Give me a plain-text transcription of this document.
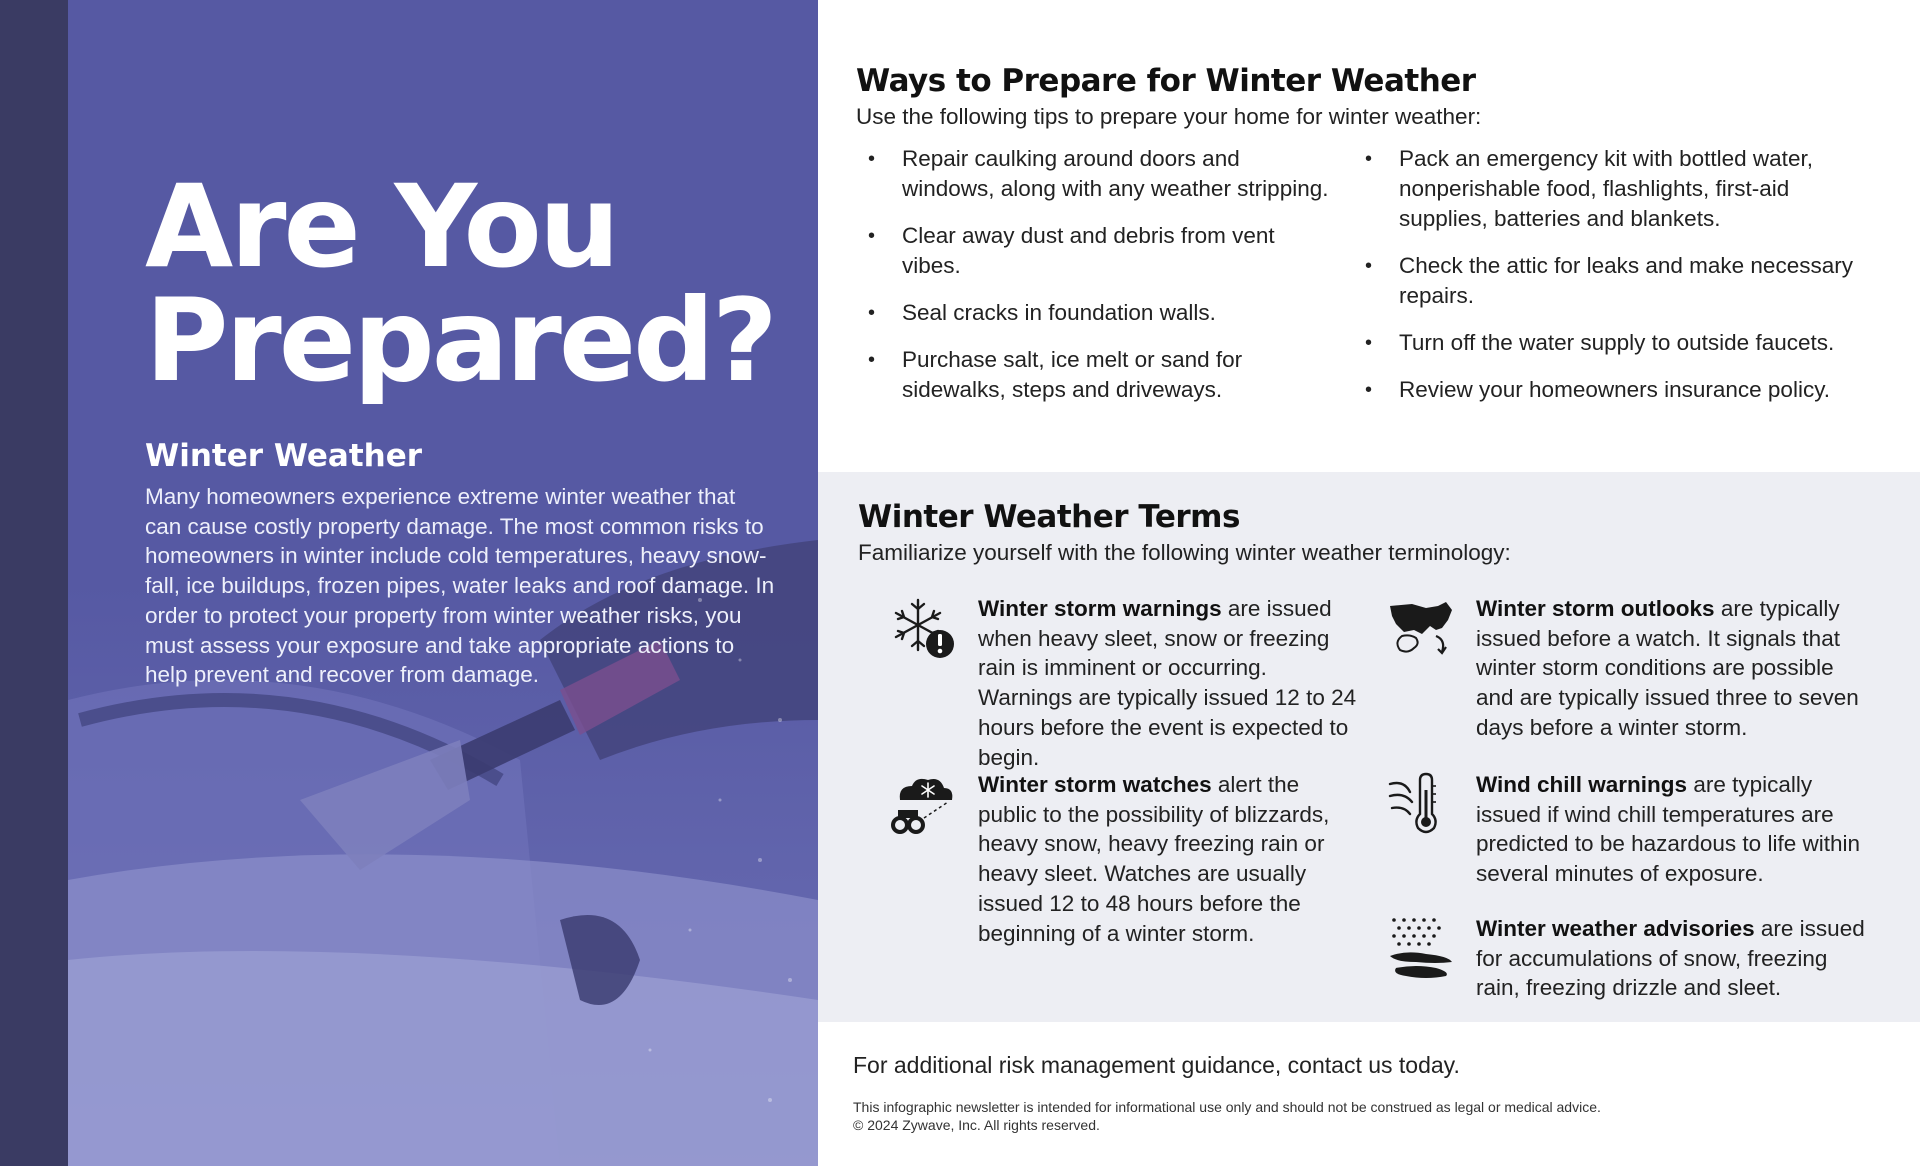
Are You
Prepared?
Winter Weather

Many homeowners experience extreme winter weather that can cause costly property damage. The most common risks to homeowners in winter include cold temperatures, heavy snow-fall, ice buildups, frozen pipes, water leaks and roof damage. In order to protect your property from winter weather risks, you must assess your exposure and take appropriate actions to help prevent and recover from damage.

Ways to Prepare for Winter Weather

Use the following tips to prepare your home for winter weather:

• Repair caulking around doors and windows, along with any weather stripping.
• Clear away dust and debris from vent vibes.
• Seal cracks in foundation walls.
• Purchase salt, ice melt or sand for sidewalks, steps and driveways.
• Pack an emergency kit with bottled water, nonperishable food, flashlights, first-aid supplies, batteries and blankets.
• Check the attic for leaks and make necessary repairs.
• Turn off the water supply to outside faucets.
• Review your homeowners insurance policy.
Winter Weather Terms

Familiarize yourself with the following winter weather terminology:

Winter storm warnings are issued when heavy sleet, snow or freezing rain is imminent or occurring. Warnings are typically issued 12 to 24 hours before the event is expected to begin.
Winter storm watches alert the public to the possibility of blizzards, heavy snow, heavy freezing rain or heavy sleet. Watches are usually issued 12 to 48 hours before the beginning of a winter storm.
Winter storm outlooks are typically issued before a watch. It signals that winter storm conditions are possible and are typically issued three to seven days before a winter storm.
Wind chill warnings are typically issued if wind chill temperatures are predicted to be hazardous to life within several minutes of exposure.
Winter weather advisories are issued for accumulations of snow, freezing rain, freezing drizzle and sleet.

For additional risk management guidance, contact us today.

This infographic newsletter is intended for informational use only and should not be construed as legal or medical advice.
© 2024 Zywave, Inc. All rights reserved.
